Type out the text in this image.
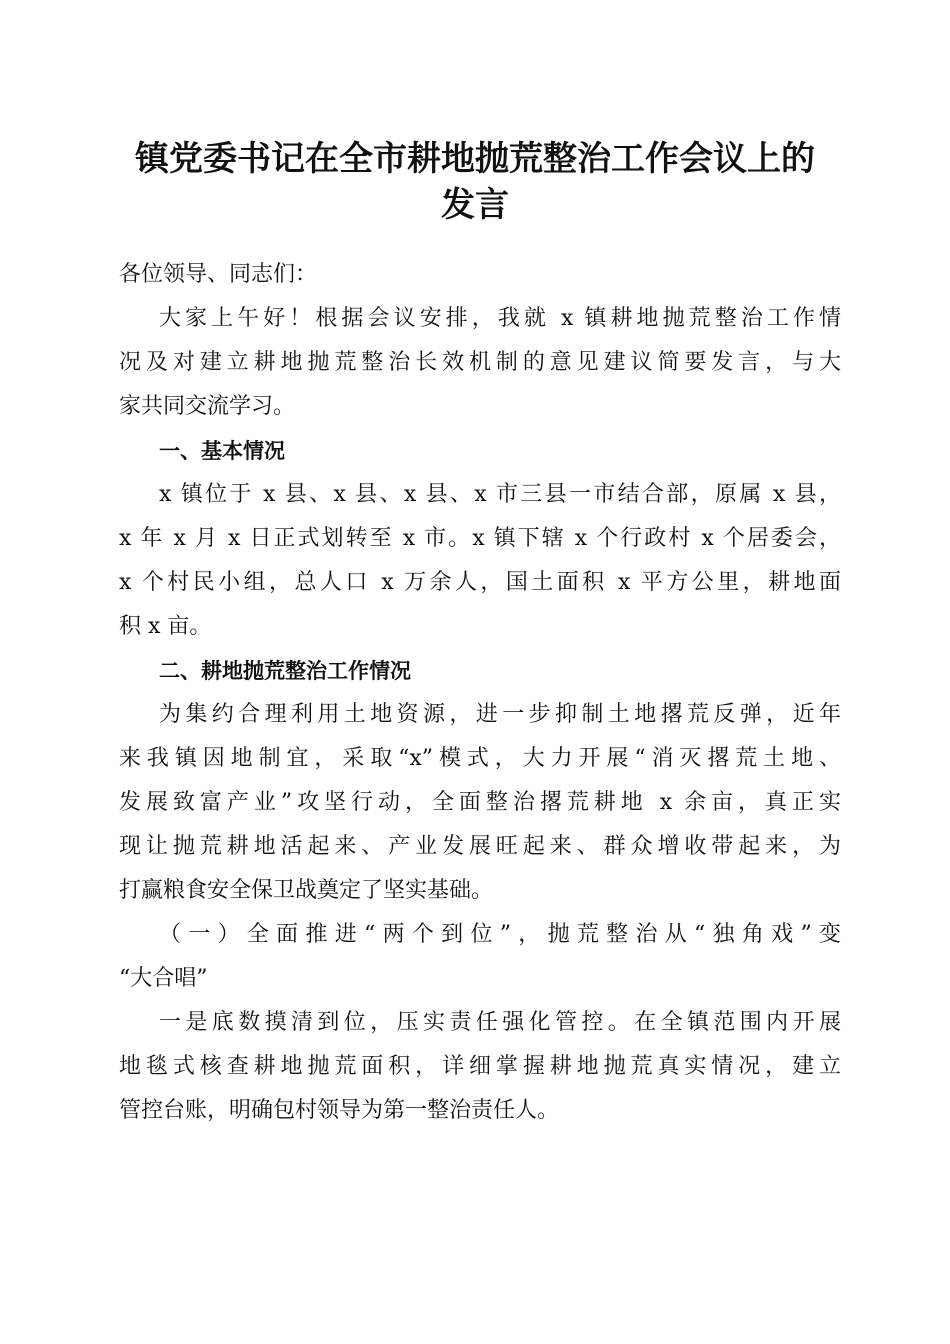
镇党委书记在全市耕地抛荒整治工作会议上的
发言

各位领导、同志们：

大家上午好！根据会议安排，我就 x 镇耕地抛荒整治工作情
况及对建立耕地抛荒整治长效机制的意见建议简要发言，与大
家共同交流学习。

一、基本情况

x 镇位于 x 县、x 县、x 县、x 市三县一市结合部，原属 x 县，
x 年 x 月 x 日正式划转至 x 市。x 镇下辖 x 个行政村 x 个居委会，
x 个村民小组，总人口 x 万余人，国土面积 x 平方公里，耕地面
积 x 亩。

二、耕地抛荒整治工作情况

为集约合理利用土地资源，进一步抑制土地撂荒反弹，近年
来我镇因地制宜，采取“x”模式，大力开展“消灭撂荒土地、
发展致富产业”攻坚行动，全面整治撂荒耕地 x 余亩，真正实
现让抛荒耕地活起来、产业发展旺起来、群众增收带起来，为
打赢粮食安全保卫战奠定了坚实基础。

（一）全面推进“两个到位”，抛荒整治从“独角戏”变
“大合唱”

一是底数摸清到位，压实责任强化管控。在全镇范围内开展
地毯式核查耕地抛荒面积，详细掌握耕地抛荒真实情况，建立
管控台账，明确包村领导为第一整治责任人。
